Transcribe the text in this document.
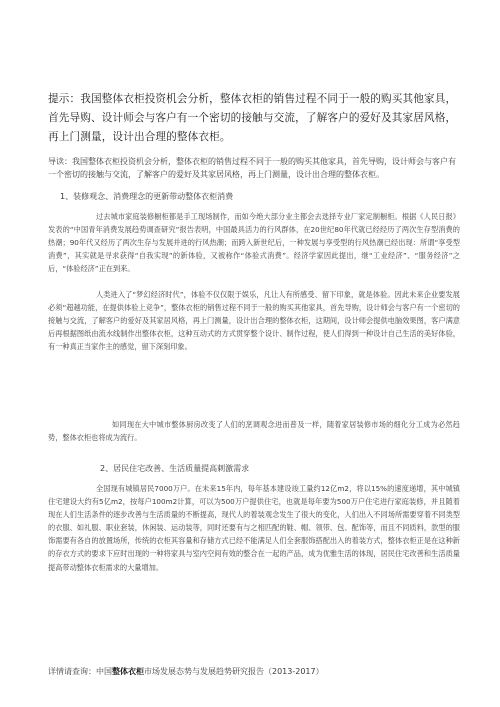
提示：我国整体衣柜投资机会分析，整体衣柜的销售过程不同于一般的购买其他家具，首先导购、设计师会与客户有一个密切的接触与交流，了解客户的爱好及其家居风格，再上门测量，设计出合理的整体衣柜。
导读：我国整体衣柜投资机会分析，整体衣柜的销售过程不同于一般的购买其他家具，首先导购，设计师会与客户有一个密切的接触与交流，了解客户的爱好及其家居风格，再上门测量，设计出合理的整体衣柜。
1、装修观念、消费理念的更新带动整体衣柜消费
过去城市家庭装修橱柜都是手工现场制作，而如今绝大部分业主都会去选择专业厂家定制橱柜。根据《人民日报》发表的“中国青年消费发展趋势调查研究”报告表明，中国最具活力的行风群体，在20世纪80年代就已经经历了两次生存型消费的热潮；90年代又经历了两次生存与发展并进的行风热潮；而跨入新世纪后，一种发展与享受型的行风热潮已经出现：所谓“享受型消费”，其实就是寻求获得“自我实现”的新体验，又被称作“体验式消费”。经济学家因此提出，继“工业经济”、“服务经济”之后，“体验经济”正在到来。
人类进入了“梦幻经济时代”，体验不仅仅限于娱乐，凡让人有所感受、留下印象，就是体验。因此未来企业要发展必须“超越功能，在提供体验上竞争”，整体衣柜的销售过程不同于一般的购买其他家具，首先导购，设计师会与客户有一个密切的接触与交流，了解客户的爱好及其家居风格，再上门测量，设计出合理的整体衣柜，这期间，设计师会提供电脑效果图，客户满意后再根据图纸由流水线制作出整体衣柜，这种互动式的方式贯穿整个设计、制作过程，使人们得到一种设计自己生活的美好体验，有一种真正当家作主的感觉，留下深刻印象。
如同现在大中城市整体厨房改变了人们的烹调观念进而普及一样，随着家居装修市场的细化分工成为必然趋势，整体衣柜也将成为流行。
2、居民住宅改善、生活质量提高刺激需求
全国现有城镇居民7000万户。在未来15年内，每年基本建设竣工量约12亿m2，将以15%的速度递增，其中城镇住宅建设大约有5亿m2，按每户100m2计算，可以为500万户提供住宅，也就是每年要为500万户住宅进行家庭装修，并且随着现在人们生活条件的逐步改善与生活质量的不断提高，现代人的着装观念发生了很大的变化，人们出入不同场所需要穿着不同类型的衣服、如礼服、职业套装，休闲装、运动装等，同时还要有与之相匹配的鞋、帽、领带、包、配饰等，而且不同质料，款型的服饰需要有各自的放置场所，传统的衣柜其容量和存储方式已经不能满足人们全套服饰搭配出入的着装方式，整体衣柜正是在这种新的存衣方式的要求下应时出现的一种将家具与室内空间有效的整合在一起的产品，成为优雅生活的体现，居民住宅改善和生活质量提高带动整体衣柜需求的大量增加。
详情请查询：中国整体衣柜市场发展态势与发展趋势研究报告（2013-2017）
